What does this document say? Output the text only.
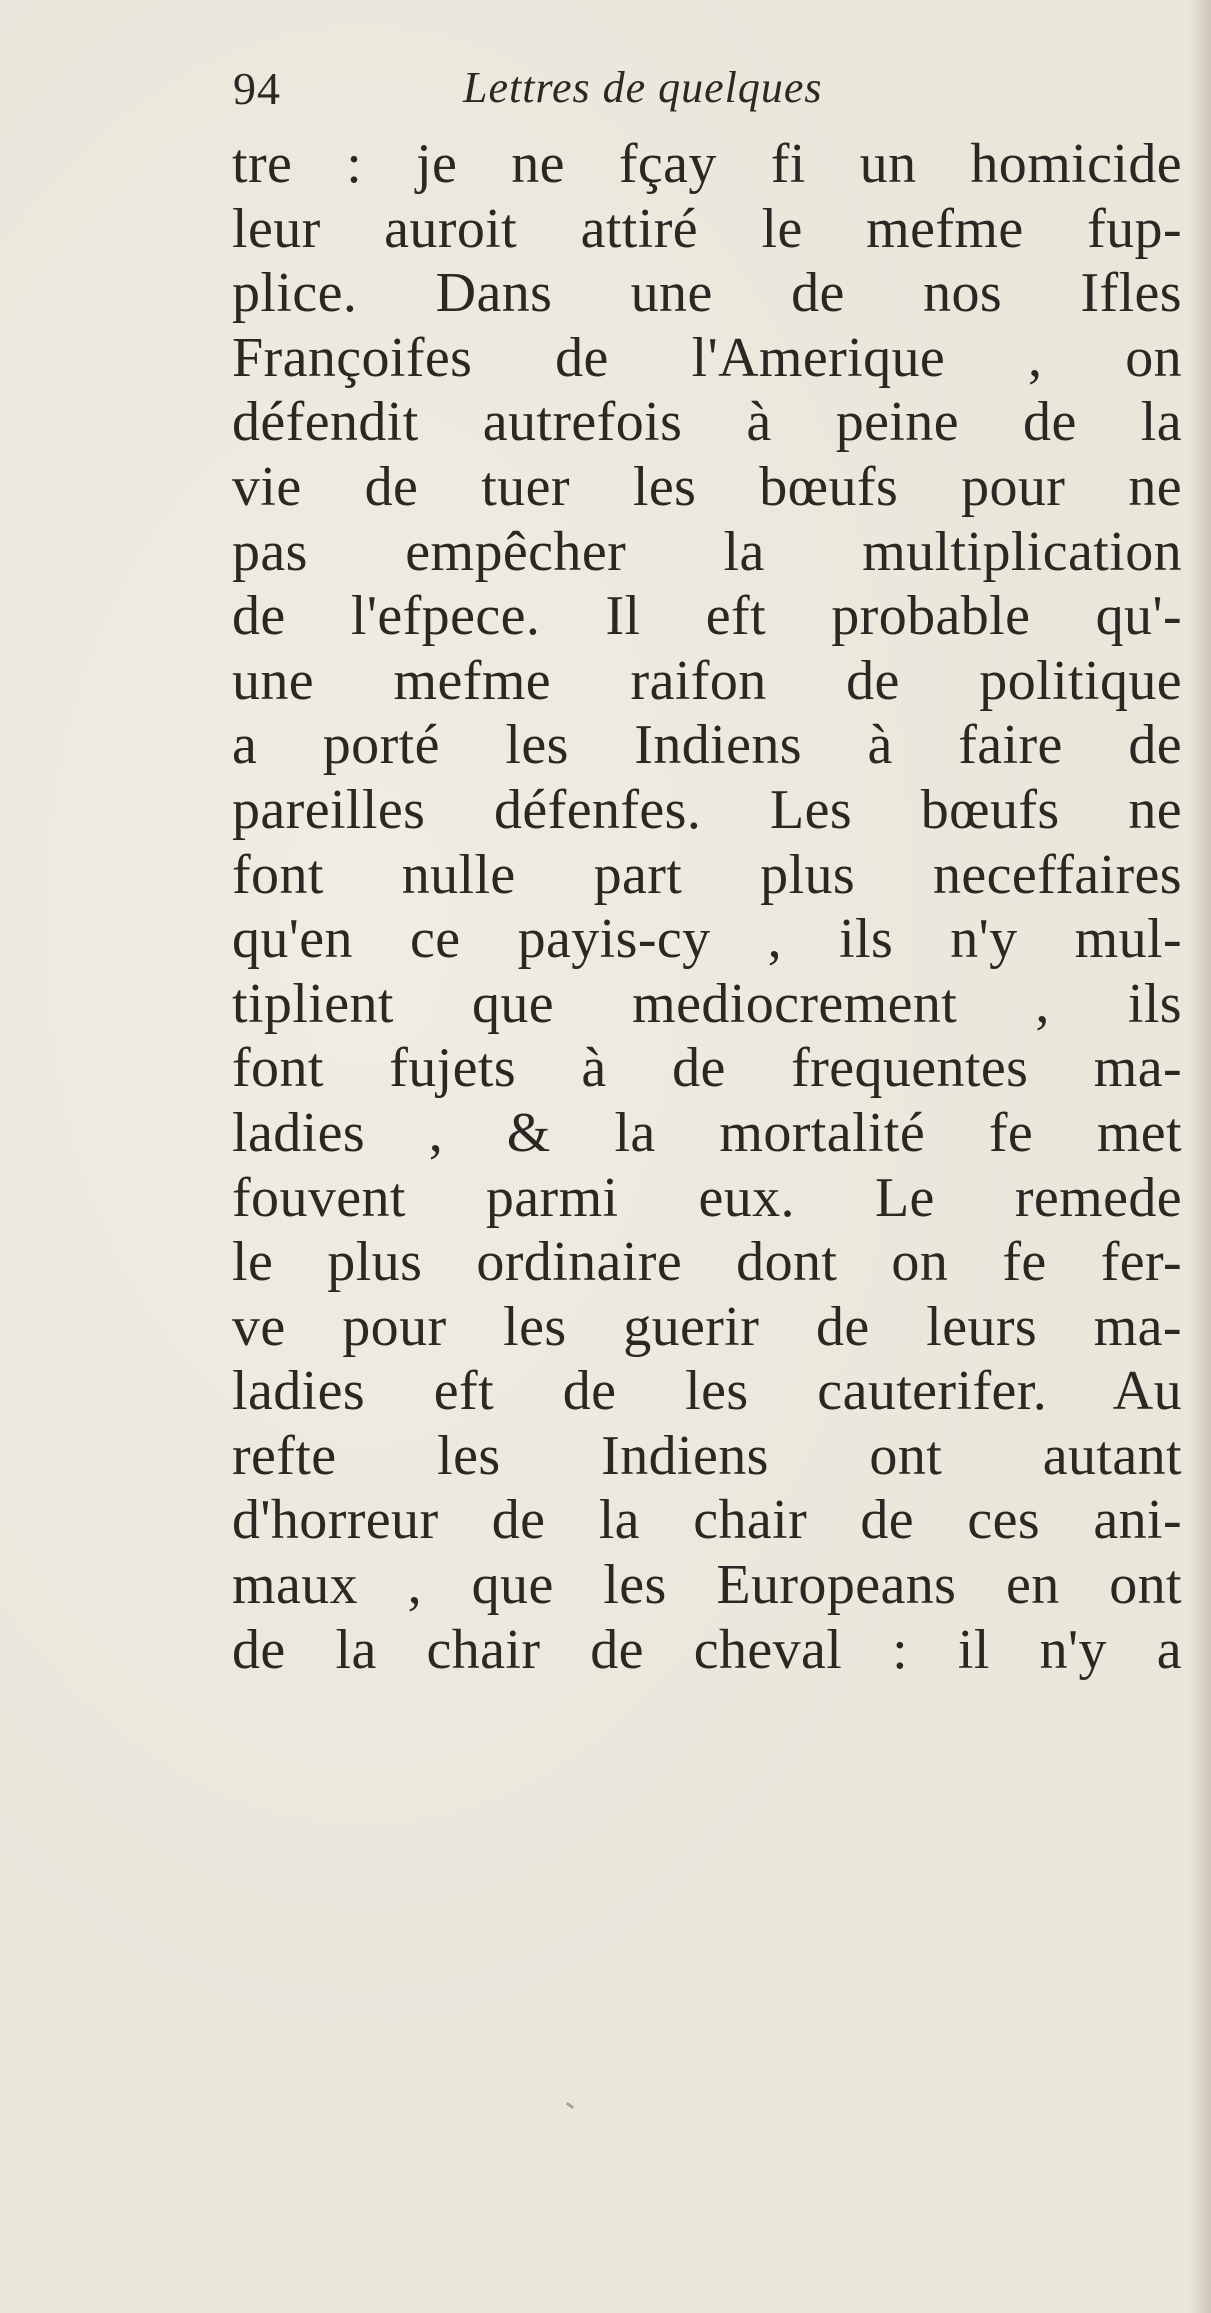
94	Lettres de quelques
tre : je ne fçay fi un homicide
leur auroit attiré le mefme fup-
plice. Dans une de nos Ifles
Françoifes de l'Amerique , on
défendit autrefois à peine de la
vie de tuer les bœufs pour ne
pas empêcher la multiplication
de l'efpece. Il eft probable qu'-
une mefme raifon de politique
a porté les Indiens à faire de
pareilles défenfes. Les bœufs ne
font nulle part plus neceffaires
qu'en ce payis-cy , ils n'y mul-
tiplient que mediocrement , ils
font fujets à de frequentes ma-
ladies , & la mortalité fe met
fouvent parmi eux. Le remede
le plus ordinaire dont on fe fer-
ve pour les guerir de leurs ma-
ladies eft de les cauterifer. Au
refte les Indiens ont autant
d'horreur de la chair de ces ani-
maux , que les Europeans en ont
de la chair de cheval : il n'y a
